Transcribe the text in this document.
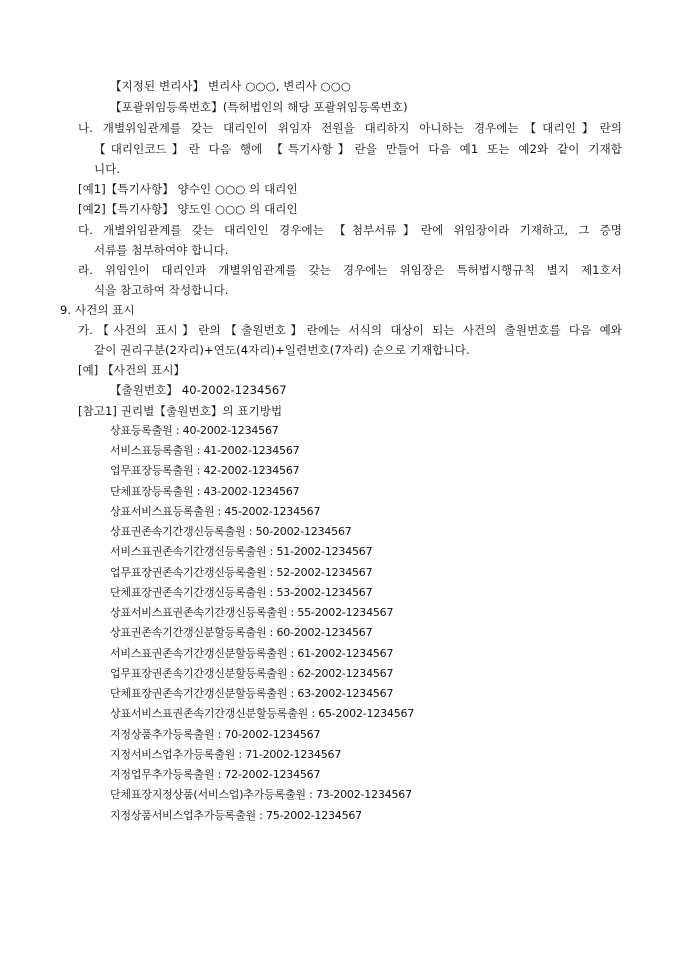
【지정된 변리사】 변리사 ○○○, 변리사 ○○○
【포괄위임등록번호】(특허법인의 해당 포괄위임등록번호)
나. 개별위임관계를 갖는 대리인이 위임자 전원을 대리하지 아니하는 경우에는【대리인】란의
【대리인코드】란 다음 행에 【특기사항】란을 만들어 다음 예1 또는 예2와 같이 기재합
니다.
[예1]【특기사항】 양수인 ○○○ 의 대리인
[예2]【특기사항】 양도인 ○○○ 의 대리인
다. 개별위임관계를 갖는 대리인인 경우에는 【첨부서류】란에 위임장이라 기재하고, 그 증명
서류를 첨부하여야 합니다.
라. 위임인이 대리인과 개별위임관계를 갖는 경우에는 위임장은 특허법시행규칙 별지 제1호서
식을 참고하여 작성합니다.
9. 사건의 표시
가.【사건의 표시】란의【출원번호】란에는 서식의 대상이 되는 사건의 출원번호를 다음 예와
같이 권리구분(2자리)+연도(4자리)+일련번호(7자리) 순으로 기재합니다.
[예] 【사건의 표시】
【출원번호】 40-2002-1234567
[참고1] 권리별【출원번호】의 표기방법
상표등록출원 : 40-2002-1234567
서비스표등록출원 : 41-2002-1234567
업무표장등록출원 : 42-2002-1234567
단체표장등록출원 : 43-2002-1234567
상표서비스표등록출원 : 45-2002-1234567
상표권존속기간갱신등록출원 : 50-2002-1234567
서비스표권존속기간갱신등록출원 : 51-2002-1234567
업무표장권존속기간갱신등록출원 : 52-2002-1234567
단체표장권존속기간갱신등록출원 : 53-2002-1234567
상표서비스표권존속기간갱신등록출원 : 55-2002-1234567
상표권존속기간갱신분할등록출원 : 60-2002-1234567
서비스표권존속기간갱신분할등록출원 : 61-2002-1234567
업무표장권존속기간갱신분할등록출원 : 62-2002-1234567
단체표장권존속기간갱신분할등록출원 : 63-2002-1234567
상표서비스표권존속기간갱신분할등록출원 : 65-2002-1234567
지정상품추가등록출원 : 70-2002-1234567
지정서비스업추가등록출원 : 71-2002-1234567
지정업무추가등록출원 : 72-2002-1234567
단체표장지정상품(서비스업)추가등록출원 : 73-2002-1234567
지정상품서비스업추가등록출원 : 75-2002-1234567
